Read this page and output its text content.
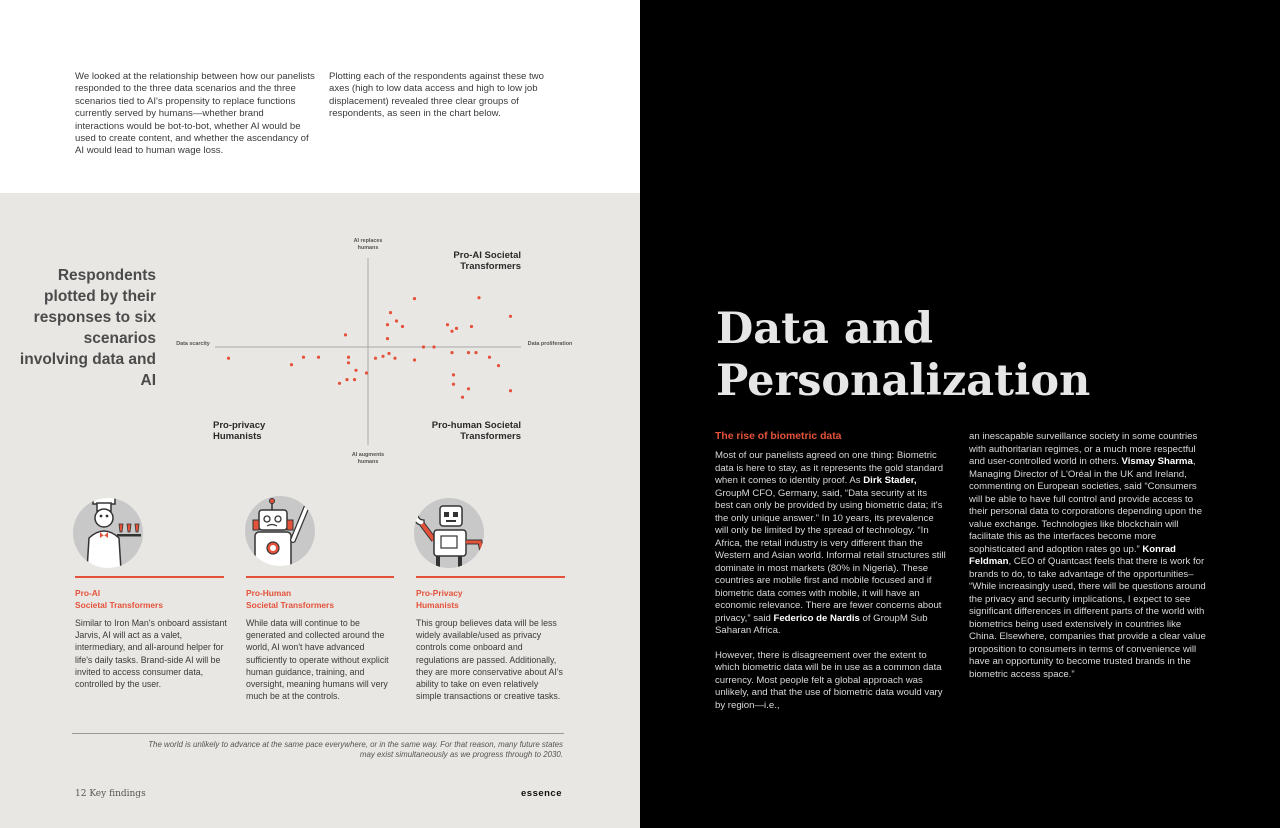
We looked at the relationship between how our panelists responded to the three data scenarios and the three scenarios tied to AI's propensity to replace functions currently served by humans—whether brand interactions would be bot-to-bot, whether AI would be used to create content, and whether the ascendancy of AI would lead to human wage loss.

Plotting each of the respondents against these two axes (high to low data access and high to low job displacement) revealed three clear groups of respondents, as seen in the chart below.

Respondents plotted by their responses to six scenarios involving data and AI
AI replaces humans
AI augments humans
Data scarcity	Data proliferation
Pro-AI Societal Transformers
Pro-privacy Humanists
Pro-human Societal Transformers
Pro-AI
Societal Transformers

Similar to Iron Man's onboard assistant Jarvis, AI will act as a valet, intermediary, and all-around helper for life's daily tasks. Brand-side AI will be invited to access consumer data, controlled by the user.

Pro-Human
Societal Transformers

While data will continue to be generated and collected around the world, AI won't have advanced sufficiently to operate without explicit human guidance, training, and oversight, meaning humans will very much be at the controls.

Pro-Privacy
Humanists

This group believes data will be less widely available/used as privacy controls come onboard and regulations are passed. Additionally, they are more conservative about AI's ability to take on even relatively simple transactions or creative tasks.

The world is unlikely to advance at the same pace everywhere, or in the same way. For that reason, many future states may exist simultaneously as we progress through to 2030.

12 Key findings	essence
Data and Personalization
The rise of biometric data

Most of our panelists agreed on one thing: Biometric data is here to stay, as it represents the gold standard when it comes to identity proof. As Dirk Stader, GroupM CFO, Germany, said, “Data security at its best can only be provided by using biometric data; it's the only unique answer.” In 10 years, its prevalence will only be limited by the spread of technology. “In Africa, the retail industry is very different than the Western and Asian world. Informal retail structures still dominate in most markets (80% in Nigeria). These countries are mobile first and mobile focused and if biometric data comes with mobile, it will have an economic relevance. There are fewer concerns about privacy,” said Federico de Nardis of GroupM Sub Saharan Africa.

However, there is disagreement over the extent to which biometric data will be in use as a common data currency. Most people felt a global approach was unlikely, and that the use of biometric data would vary by region—i.e.,

an inescapable surveillance society in some countries with authoritarian regimes, or a much more respectful and user-controlled world in others. Vismay Sharma, Managing Director of L'Oréal in the UK and Ireland, commenting on European societies, said “Consumers will be able to have full control and provide access to their personal data to corporations depending upon the value exchange. Technologies like blockchain will facilitate this as the interfaces become more sophisticated and adoption rates go up.” Konrad Feldman, CEO of Quantcast feels that there is work for brands to do, to take advantage of the opportunities– “While increasingly used, there will be questions around the privacy and security implications, I expect to see significant differences in different parts of the world with biometrics being used extensively in countries like China. Elsewhere, companies that provide a clear value proposition to consumers in terms of convenience will have an opportunity to become trusted brands in the biometric access space.”
